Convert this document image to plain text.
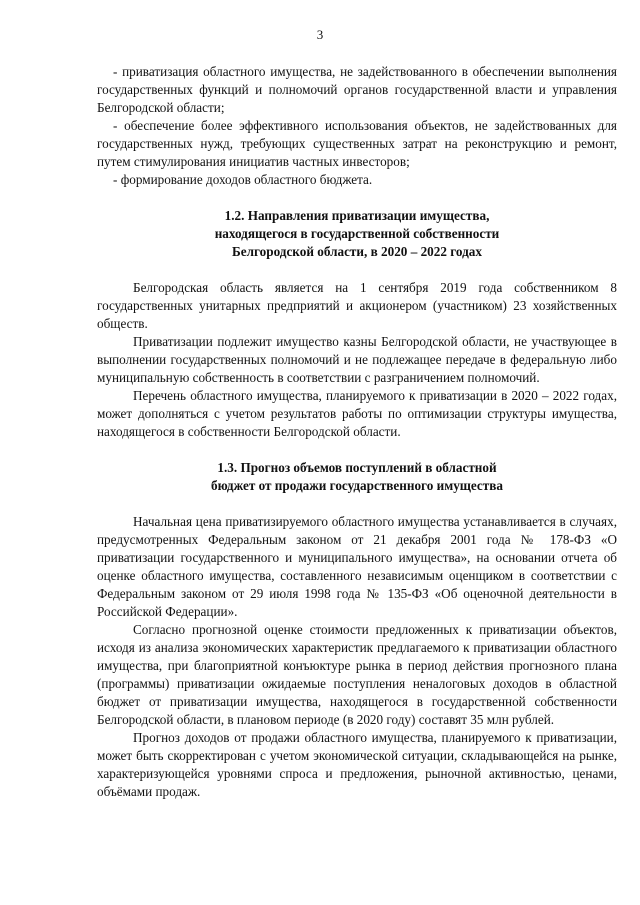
3

- приватизация областного имущества, не задействованного в обеспечении выполнения государственных функций и полномочий органов государственной власти и управления Белгородской области;

- обеспечение более эффективного использования объектов, не задействованных для государственных нужд, требующих существенных затрат на реконструкцию и ремонт, путем стимулирования инициатив частных инвесторов;

- формирование доходов областного бюджета.

1.2. Направления приватизации имущества,

находящегося в государственной собственности

Белгородской области, в 2020 – 2022 годах

Белгородская область является на 1 сентября 2019 года собственником 8 государственных унитарных предприятий и акционером (участником) 23 хозяйственных обществ.

Приватизации подлежит имущество казны Белгородской области, не участвующее в выполнении государственных полномочий и не подлежащее передаче в федеральную либо муниципальную собственность в соответствии с разграничением полномочий.

Перечень областного имущества, планируемого к приватизации в 2020 – 2022 годах, может дополняться с учетом результатов работы по оптимизации структуры имущества, находящегося в собственности Белгородской области.

1.3. Прогноз объемов поступлений в областной

бюджет от продажи государственного имущества

Начальная цена приватизируемого областного имущества устанавливается в случаях, предусмотренных Федеральным законом от 21 декабря 2001 года № 178-ФЗ «О приватизации государственного и муниципального имущества», на основании отчета об оценке областного имущества, составленного независимым оценщиком в соответствии с Федеральным законом от 29 июля 1998 года № 135-ФЗ «Об оценочной деятельности в Российской Федерации».

Согласно прогнозной оценке стоимости предложенных к приватизации объектов, исходя из анализа экономических характеристик предлагаемого к приватизации областного имущества, при благоприятной конъюктуре рынка в период действия прогнозного плана (программы) приватизации ожидаемые поступления неналоговых доходов в областной бюджет от приватизации имущества, находящегося в государственной собственности Белгородской области, в плановом периоде (в 2020 году) составят 35 млн рублей.

Прогноз доходов от продажи областного имущества, планируемого к приватизации, может быть скорректирован с учетом экономической ситуации, складывающейся на рынке, характеризующейся уровнями спроса и предложения, рыночной активностью, ценами, объёмами продаж.
